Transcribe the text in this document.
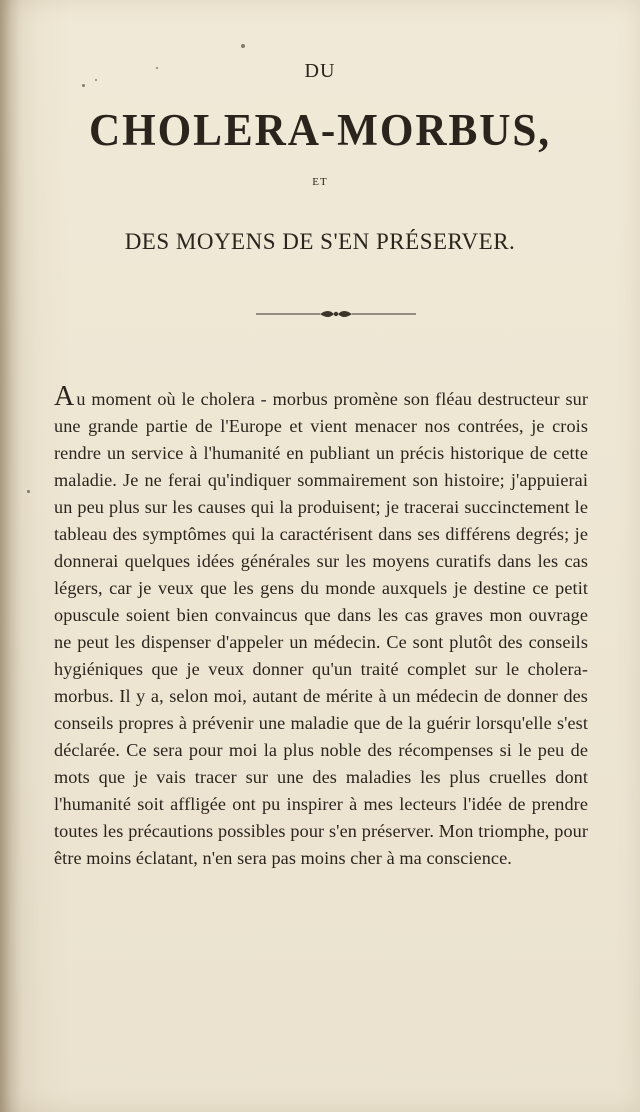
DU
CHOLERA-MORBUS,
ET
DES MOYENS DE S'EN PRÉSERVER.
Au moment où le cholera - morbus promène son fléau destructeur sur une grande partie de l'Europe et vient menacer nos contrées, je crois rendre un service à l'humanité en publiant un précis historique de cette maladie. Je ne ferai qu'indiquer sommairement son histoire; j'appuierai un peu plus sur les causes qui la produisent; je tracerai succinctement le tableau des symptômes qui la caractérisent dans ses différens degrés; je donnerai quelques idées générales sur les moyens curatifs dans les cas légers, car je veux que les gens du monde auxquels je destine ce petit opuscule soient bien convaincus que dans les cas graves mon ouvrage ne peut les dispenser d'appeler un médecin. Ce sont plutôt des conseils hygiéniques que je veux donner qu'un traité complet sur le cholera-morbus. Il y a, selon moi, autant de mérite à un médecin de donner des conseils propres à prévenir une maladie que de la guérir lorsqu'elle s'est déclarée. Ce sera pour moi la plus noble des récompenses si le peu de mots que je vais tracer sur une des maladies les plus cruelles dont l'humanité soit affligée ont pu inspirer à mes lecteurs l'idée de prendre toutes les précautions possibles pour s'en préserver. Mon triomphe, pour être moins éclatant, n'en sera pas moins cher à ma conscience.
